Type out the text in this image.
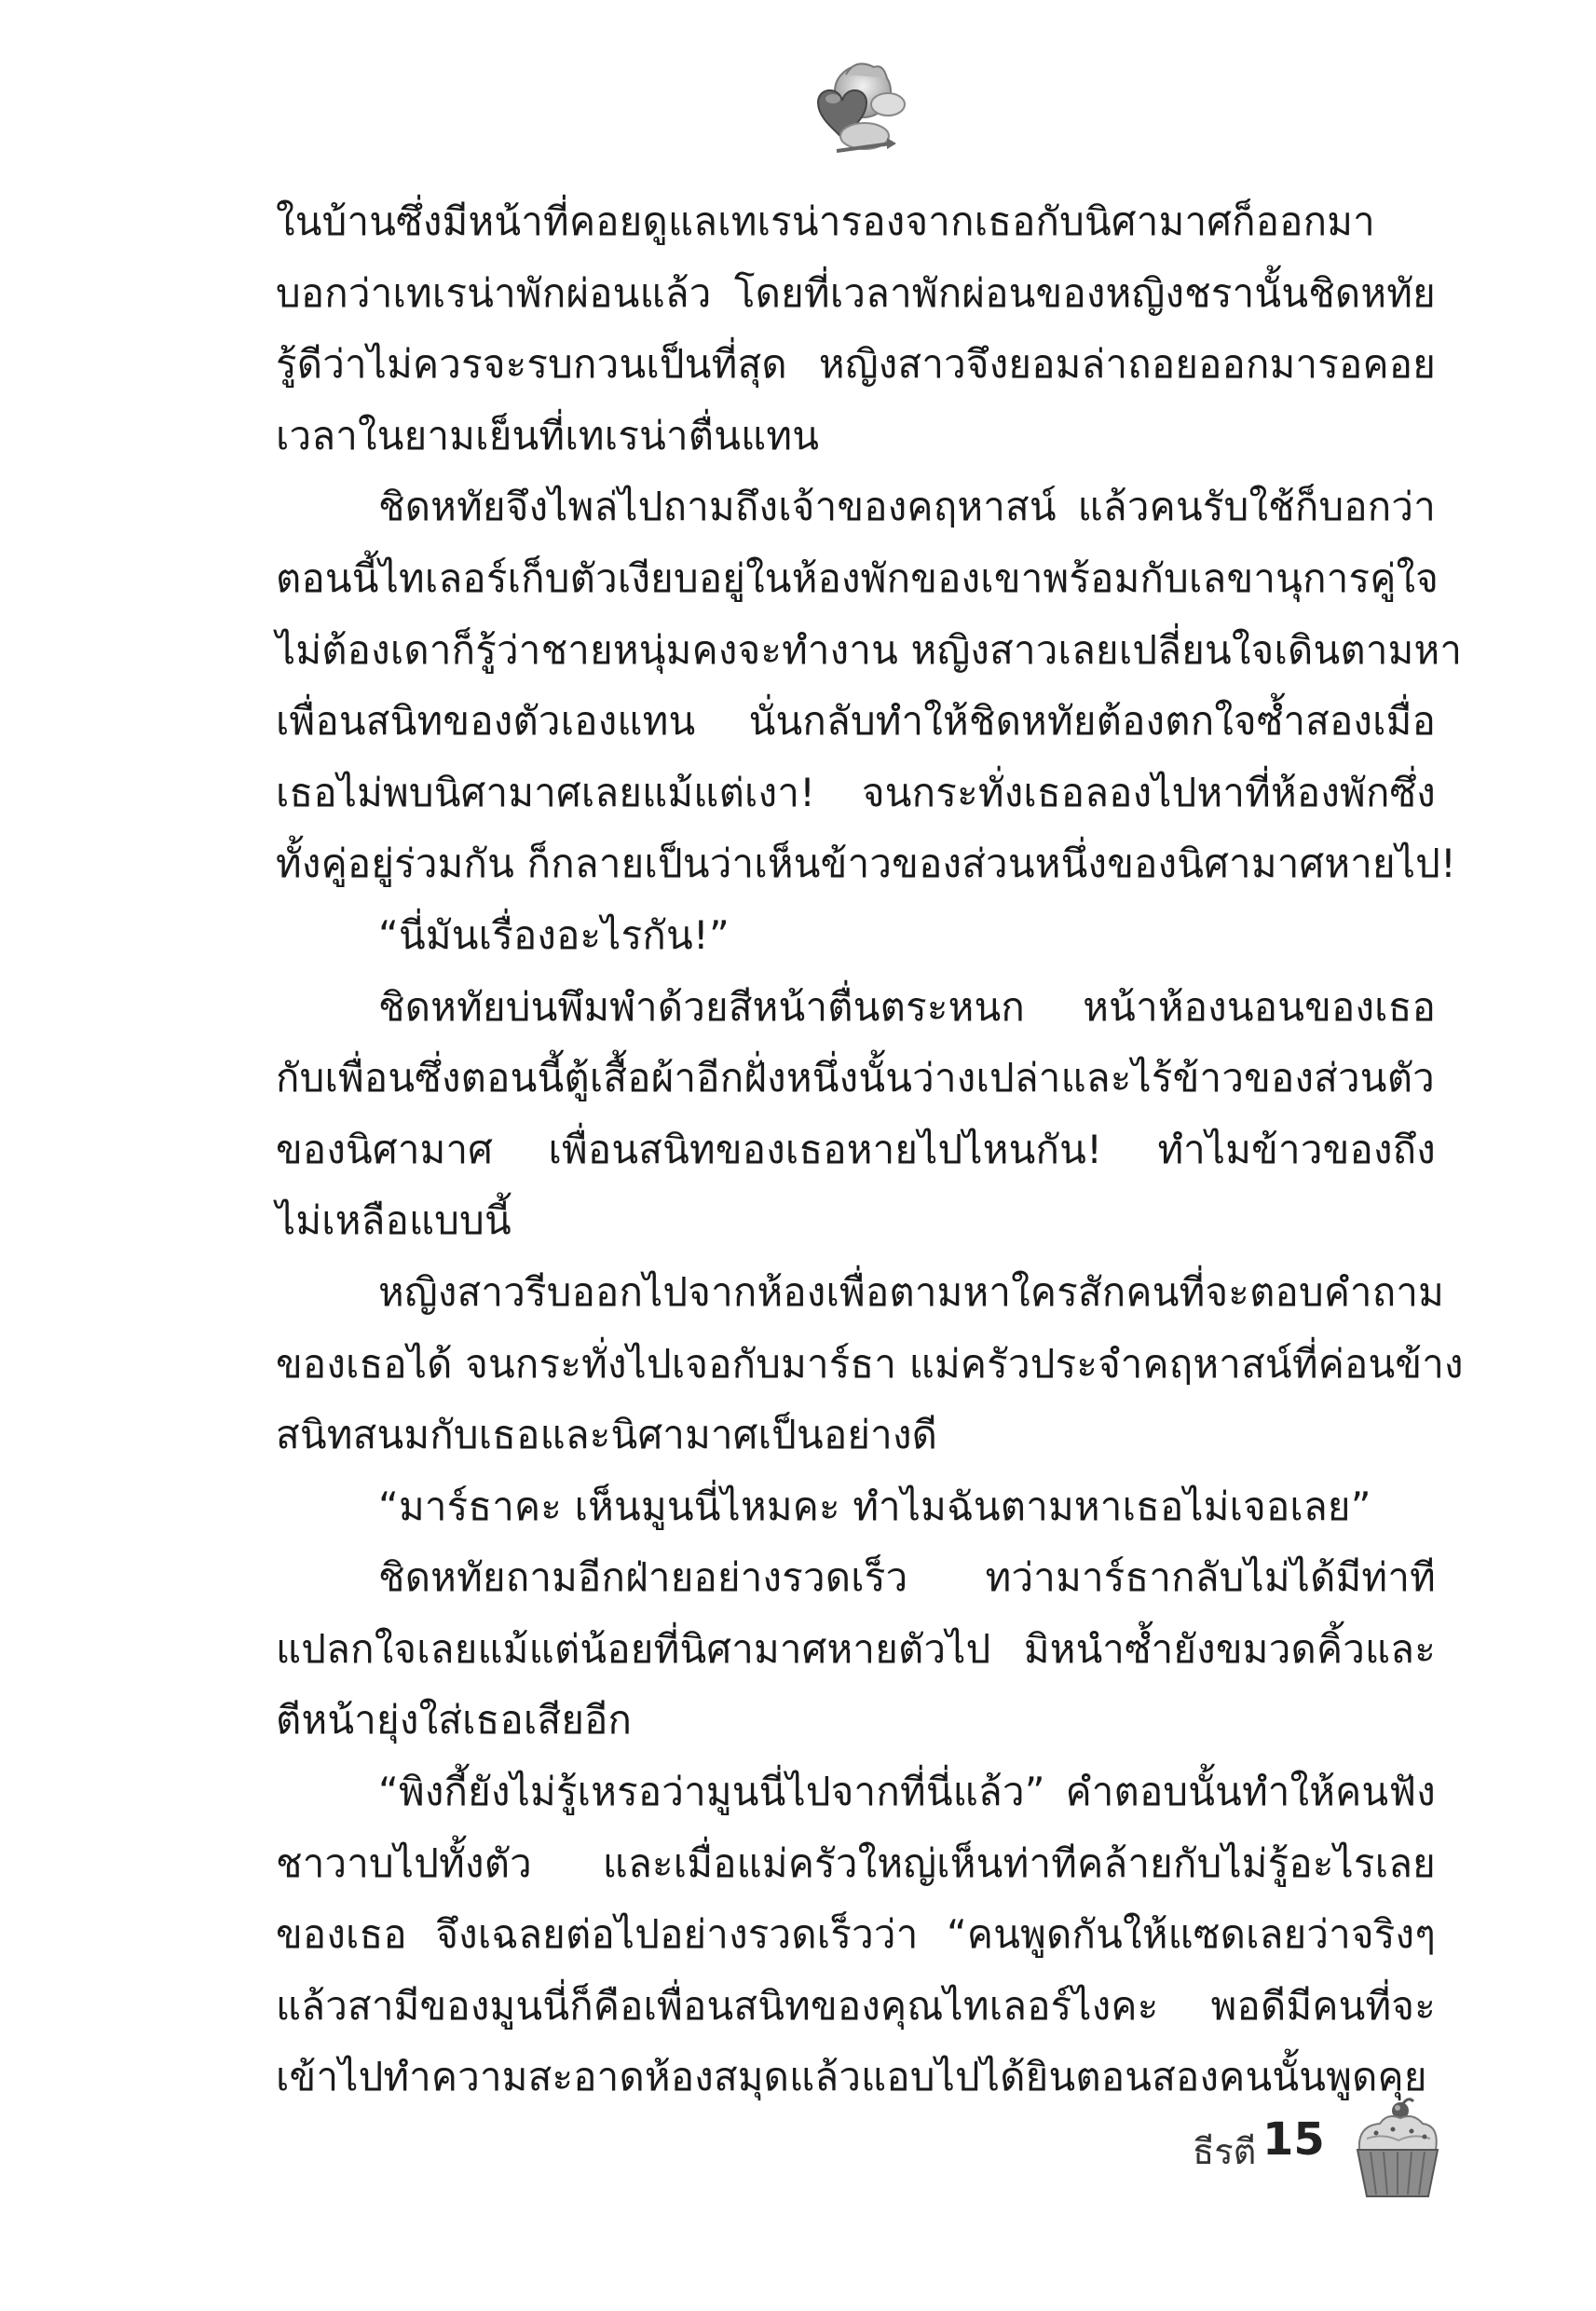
ในบ้านซึ่งมีหน้าที่คอยดูแลเทเรน่ารองจากเธอกับนิศามาศก็ออกมา
บอกว่าเทเรน่าพักผ่อนแล้ว โดยที่เวลาพักผ่อนของหญิงชรานั้นชิดหทัย
รู้ดีว่าไม่ควรจะรบกวนเป็นที่สุด หญิงสาวจึงยอมล่าถอยออกมารอคอย
เวลาในยามเย็นที่เทเรน่าตื่นแทน
ชิดหทัยจึงไพล่ไปถามถึงเจ้าของคฤหาสน์ แล้วคนรับใช้ก็บอกว่า
ตอนนี้ไทเลอร์เก็บตัวเงียบอยู่ในห้องพักของเขาพร้อมกับเลขานุการคู่ใจ
ไม่ต้องเดาก็รู้ว่าชายหนุ่มคงจะทำงาน หญิงสาวเลยเปลี่ยนใจเดินตามหา
เพื่อนสนิทของตัวเองแทน นั่นกลับทำให้ชิดหทัยต้องตกใจซ้ำสองเมื่อ
เธอไม่พบนิศามาศเลยแม้แต่เงา! จนกระทั่งเธอลองไปหาที่ห้องพักซึ่ง
ทั้งคู่อยู่ร่วมกัน ก็กลายเป็นว่าเห็นข้าวของส่วนหนึ่งของนิศามาศหายไป!
“นี่มันเรื่องอะไรกัน!”
ชิดหทัยบ่นพึมพำด้วยสีหน้าตื่นตระหนก หน้าห้องนอนของเธอ
กับเพื่อนซึ่งตอนนี้ตู้เสื้อผ้าอีกฝั่งหนึ่งนั้นว่างเปล่าและไร้ข้าวของส่วนตัว
ของนิศามาศ เพื่อนสนิทของเธอหายไปไหนกัน! ทำไมข้าวของถึง
ไม่เหลือแบบนี้
หญิงสาวรีบออกไปจากห้องเพื่อตามหาใครสักคนที่จะตอบคำถาม
ของเธอได้ จนกระทั่งไปเจอกับมาร์ธา แม่ครัวประจำคฤหาสน์ที่ค่อนข้าง
สนิทสนมกับเธอและนิศามาศเป็นอย่างดี
“มาร์ธาคะ เห็นมูนนี่ไหมคะ ทำไมฉันตามหาเธอไม่เจอเลย”
ชิดหทัยถามอีกฝ่ายอย่างรวดเร็ว ทว่ามาร์ธากลับไม่ได้มีท่าที
แปลกใจเลยแม้แต่น้อยที่นิศามาศหายตัวไป มิหนำซ้ำยังขมวดคิ้วและ
ตีหน้ายุ่งใส่เธอเสียอีก
“พิงกี้ยังไม่รู้เหรอว่ามูนนี่ไปจากที่นี่แล้ว” คำตอบนั้นทำให้คนฟัง
ชาวาบไปทั้งตัว และเมื่อแม่ครัวใหญ่เห็นท่าทีคล้ายกับไม่รู้อะไรเลย
ของเธอ จึงเฉลยต่อไปอย่างรวดเร็วว่า “คนพูดกันให้แซดเลยว่าจริงๆ
แล้วสามีของมูนนี่ก็คือเพื่อนสนิทของคุณไทเลอร์ไงคะ พอดีมีคนที่จะ
เข้าไปทำความสะอาดห้องสมุดแล้วแอบไปได้ยินตอนสองคนนั้นพูดคุย
ธีรตี 15
